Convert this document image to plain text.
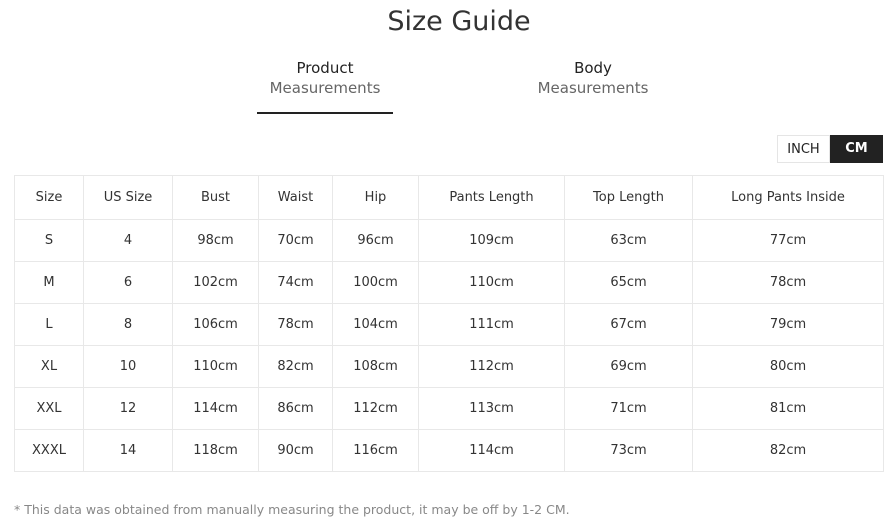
Size Guide
Product
Measurements
Body
Measurements
INCH	CM
Size	US Size	Bust	Waist	Hip	Pants Length	Top Length	Long Pants Inside
S	4	98cm	70cm	96cm	109cm	63cm	77cm
M	6	102cm	74cm	100cm	110cm	65cm	78cm
L	8	106cm	78cm	104cm	111cm	67cm	79cm
XL	10	110cm	82cm	108cm	112cm	69cm	80cm
XXL	12	114cm	86cm	112cm	113cm	71cm	81cm
XXXL	14	118cm	90cm	116cm	114cm	73cm	82cm
* This data was obtained from manually measuring the product, it may be off by 1-2 CM.
